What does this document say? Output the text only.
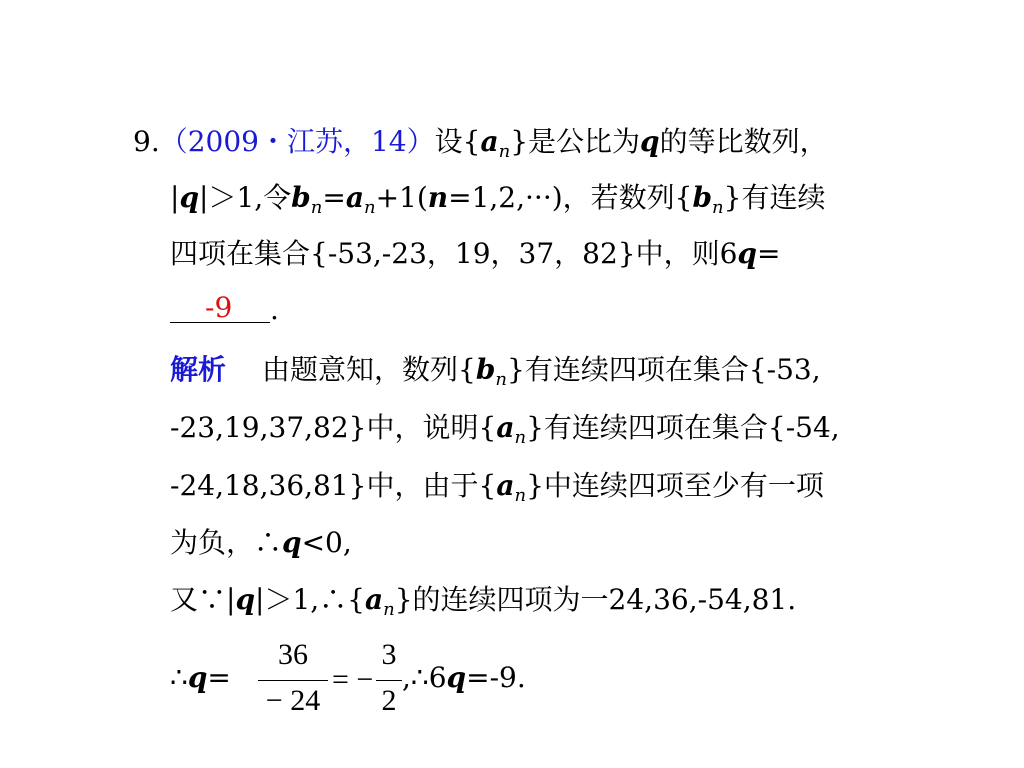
9.（2009・江苏，14）设$\{a_n\}$是公比为q的等比数列，
|q|＞1,令$b_n=a_n+1(n=1,2,\cdot\cdot\cdot)$，若数列$\{b_n\}$有连续
四项在集合{-53,-23，19，37，82}中，则6q=
.
-9
解析 由题意知，数列$\{b_n\}$有连续四项在集合{-53,
-23,19,37,82}中，说明$\{a_n\}$有连续四项在集合{-54,
-24,18,36,81}中，由于$\{a_n\}$中连续四项至少有一项
为负，∴q<0,
又$\because|q|>1,\therefore\{a_n\}$的连续四项为一24,36,-54,81.
∴q=
36
− 24
= −
3
2
,∴6q=-9.
